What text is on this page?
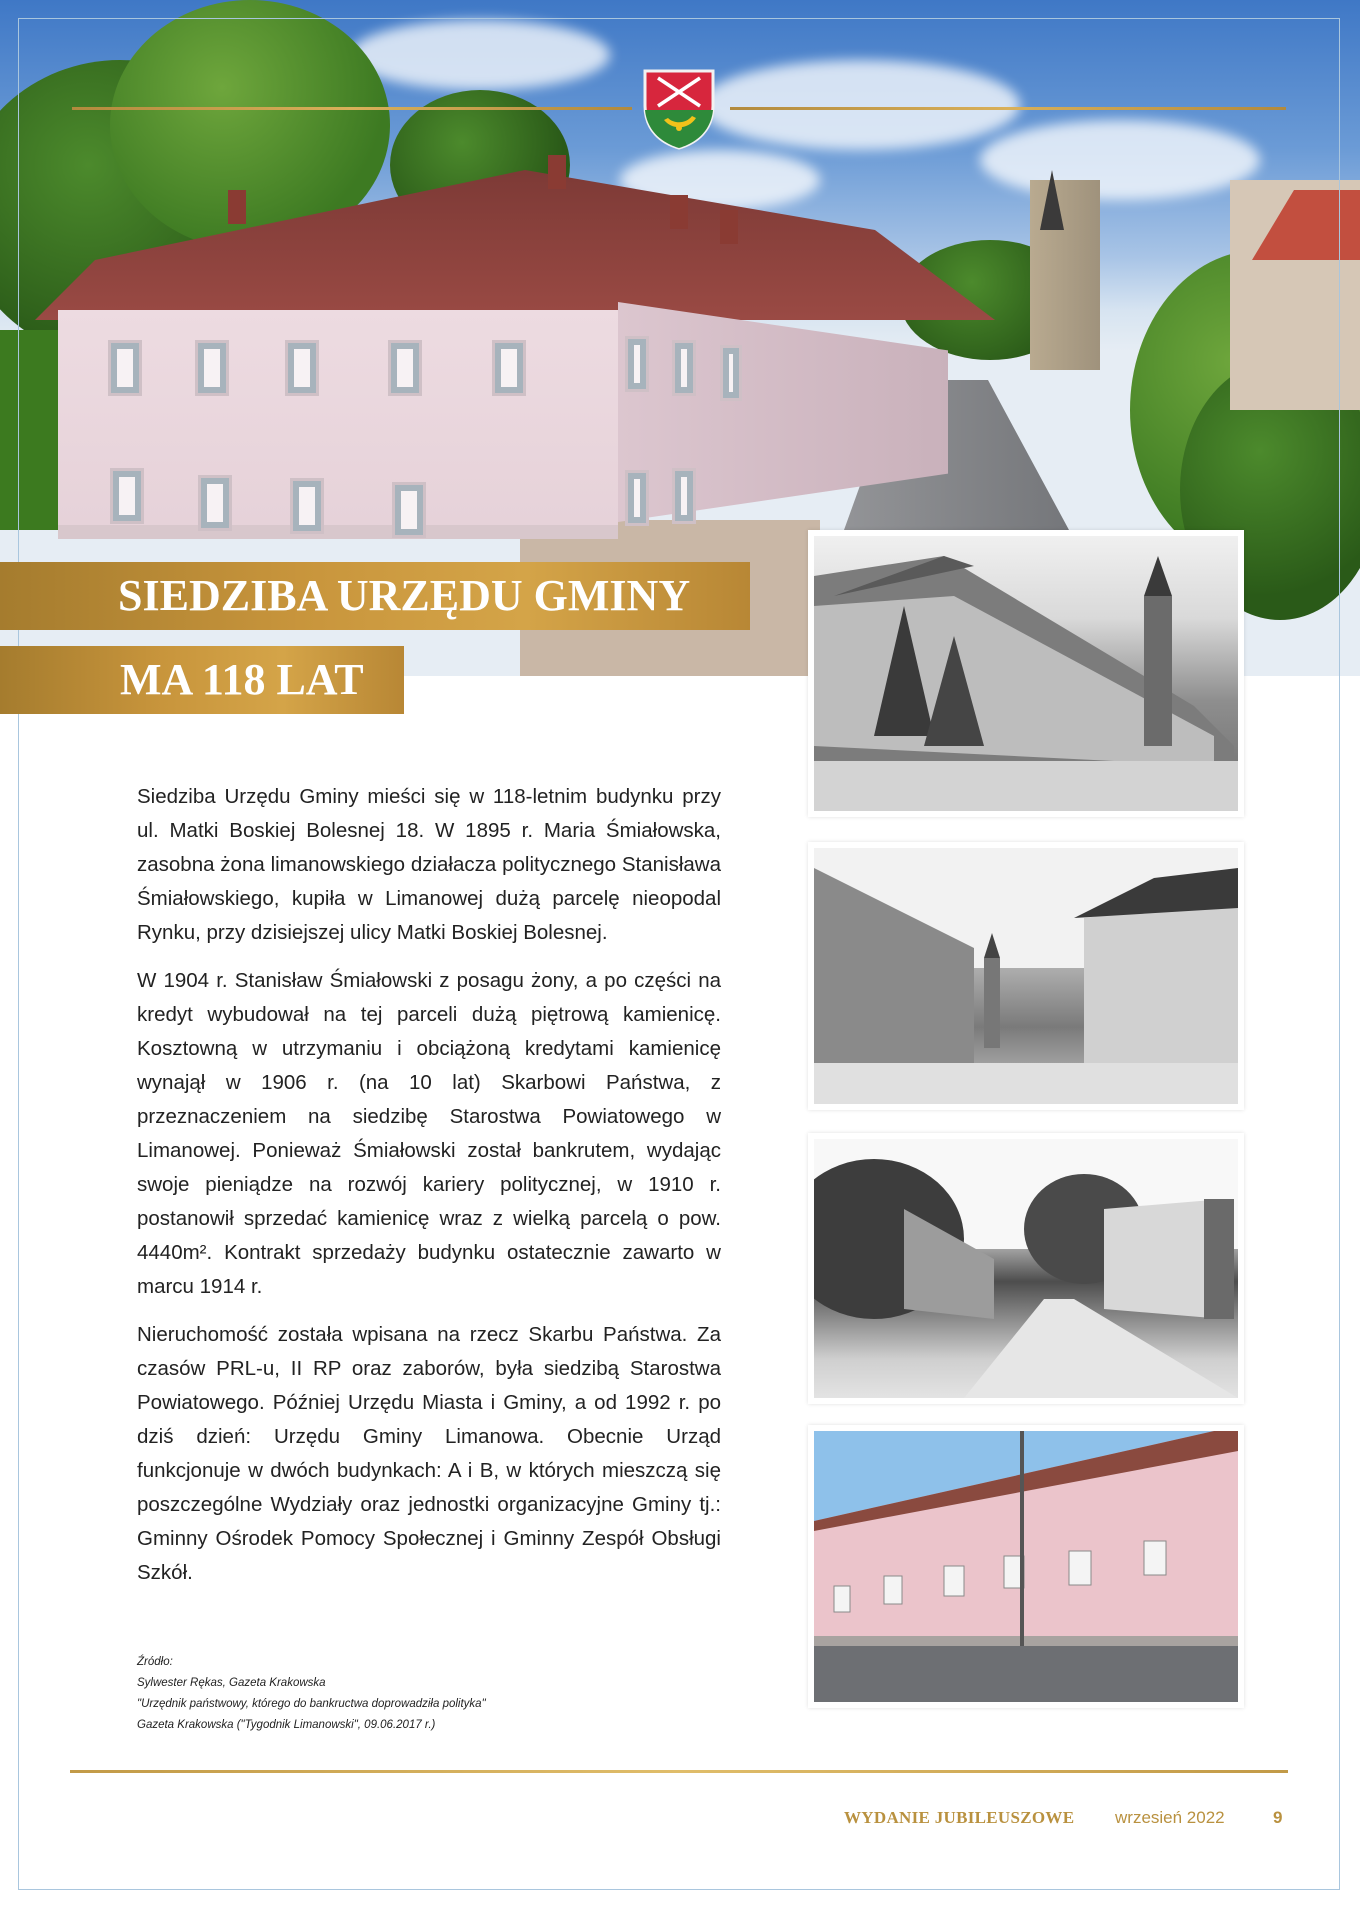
SIEDZIBA URZĘDU GMINY
MA 118 LAT

Siedziba Urzędu Gminy mieści się w 118-letnim budynku przy ul. Matki Boskiej Bolesnej 18. W 1895 r. Maria Śmiałowska, zasobna żona limanowskiego działacza politycznego Stanisława Śmiałowskiego, kupiła w Limanowej dużą parcelę nieopodal Rynku, przy dzisiejszej ulicy Matki Boskiej Bolesnej.

W 1904 r. Stanisław Śmiałowski z posagu żony, a po części na kredyt wybudował na tej parceli dużą piętrową kamienicę. Kosztowną w utrzymaniu i obciążoną kredytami kamienicę wynajął w 1906 r. (na 10 lat) Skarbowi Państwa, z przeznaczeniem na siedzibę Starostwa Powiatowego w Limanowej. Ponieważ Śmiałowski został bankrutem, wydając swoje pieniądze na rozwój kariery politycznej, w 1910 r. postanowił sprzedać kamienicę wraz z wielką parcelą o pow. 4440m². Kontrakt sprzedaży budynku ostatecznie zawarto w marcu 1914 r.

Nieruchomość została wpisana na rzecz Skarbu Państwa. Za czasów PRL-u, II RP oraz zaborów, była siedzibą Starostwa Powiatowego. Później Urzędu Miasta i Gminy, a od 1992 r. po dziś dzień: Urzędu Gminy Limanowa. Obecnie Urząd funkcjonuje w dwóch budynkach: A i B, w których mieszczą się poszczególne Wydziały oraz jednostki organizacyjne Gminy tj.: Gminny Ośrodek Pomocy Społecznej i Gminny Zespół Obsługi Szkół.

Źródło:
Sylwester Rękas, Gazeta Krakowska
"Urzędnik państwowy, którego do bankructwa doprowadziła polityka"
Gazeta Krakowska ("Tygodnik Limanowski", 09.06.2017 r.)
WYDANIE JUBILEUSZOWE wrzesień 2022	9
